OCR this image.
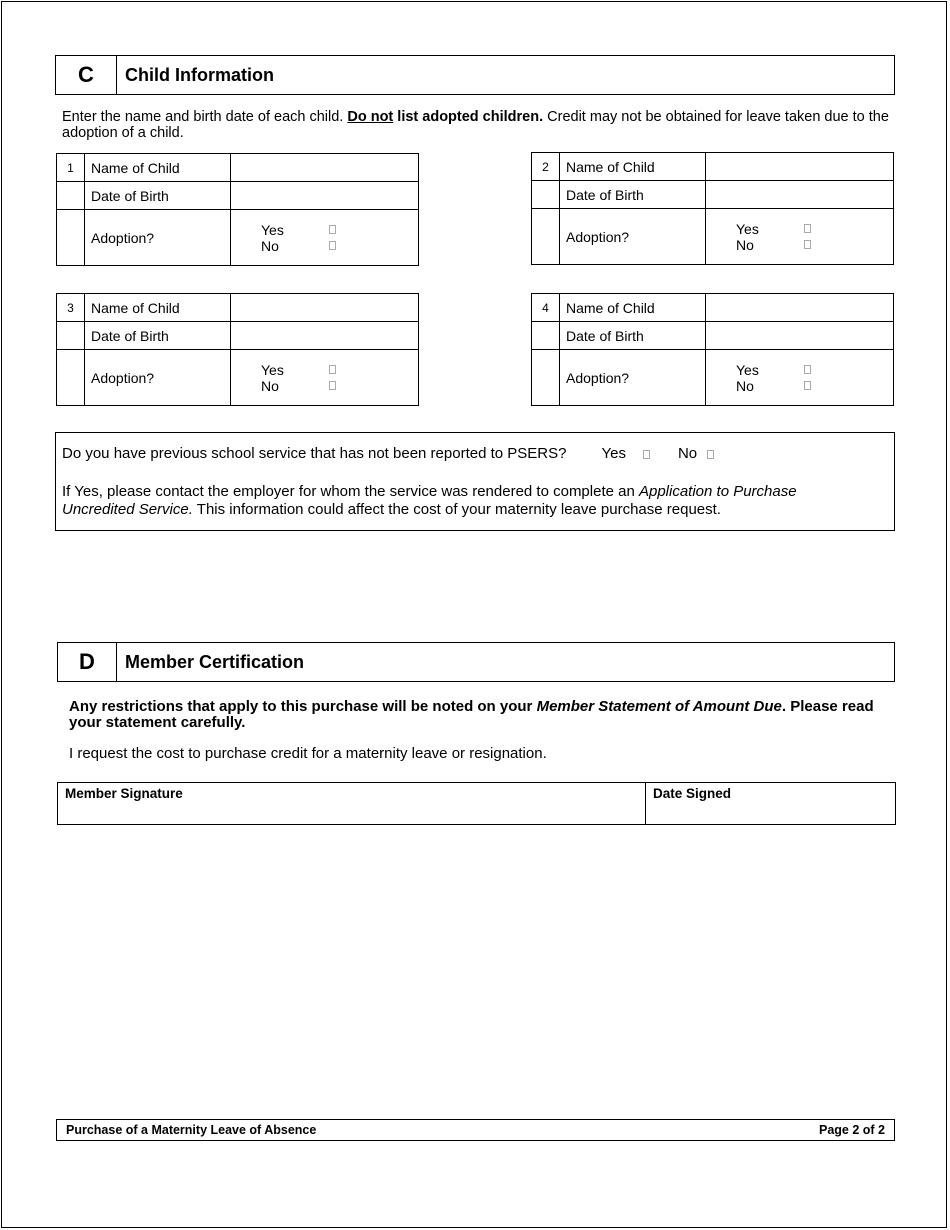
C	Child Information
Enter the name and birth date of each child. Do not list adopted children. Credit may not be obtained for leave taken due to the adoption of a child.
1	Name of Child	
	Date of Birth	
	Adoption?	Yes
No
2	Name of Child	
	Date of Birth	
	Adoption?	Yes
No
3	Name of Child	
	Date of Birth	
	Adoption?	Yes
No
4	Name of Child	
	Date of Birth	
	Adoption?	Yes
No
Do you have previous school service that has not been reported to PSERS? Yes	No
If Yes, please contact the employer for whom the service was rendered to complete an Application to Purchase Uncredited Service. This information could affect the cost of your maternity leave purchase request.
D	Member Certification
Any restrictions that apply to this purchase will be noted on your Member Statement of Amount Due. Please read your statement carefully.
I request the cost to purchase credit for a maternity leave or resignation.
Member Signature	Date Signed
Purchase of a Maternity Leave of Absence	Page 2 of 2
